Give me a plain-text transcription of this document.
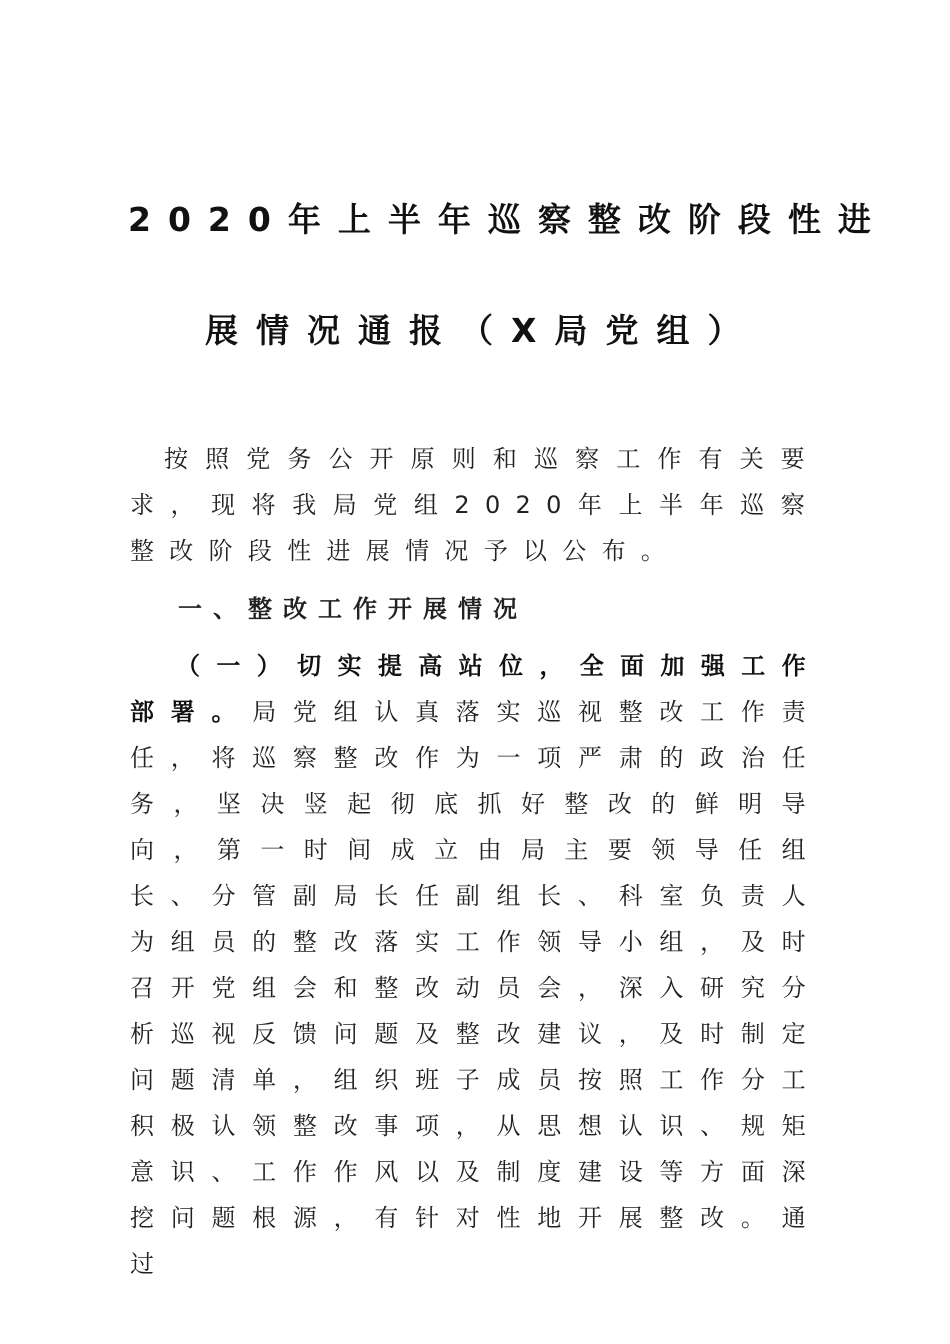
2020年上半年巡察整改阶段性进
展情况通报（X局党组）

按照党务公开原则和巡察工作有关要求，现将我局党组2020年上半年巡察整改阶段性进展情况予以公布。

一、整改工作开展情况

（一）切实提高站位，全面加强工作部署。局党组认真落实巡视整改工作责任，将巡察整改作为一项严肃的政治任务，坚决竖起彻底抓好整改的鲜明导向，第一时间成立由局主要领导任组长、分管副局长任副组长、科室负责人为组员的整改落实工作领导小组，及时召开党组会和整改动员会，深入研究分析巡视反馈问题及整改建议，及时制定问题清单，组织班子成员按照工作分工积极认领整改事项，从思想认识、规矩意识、工作作风以及制度建设等方面深挖问题根源，有针对性地开展整改。通过
